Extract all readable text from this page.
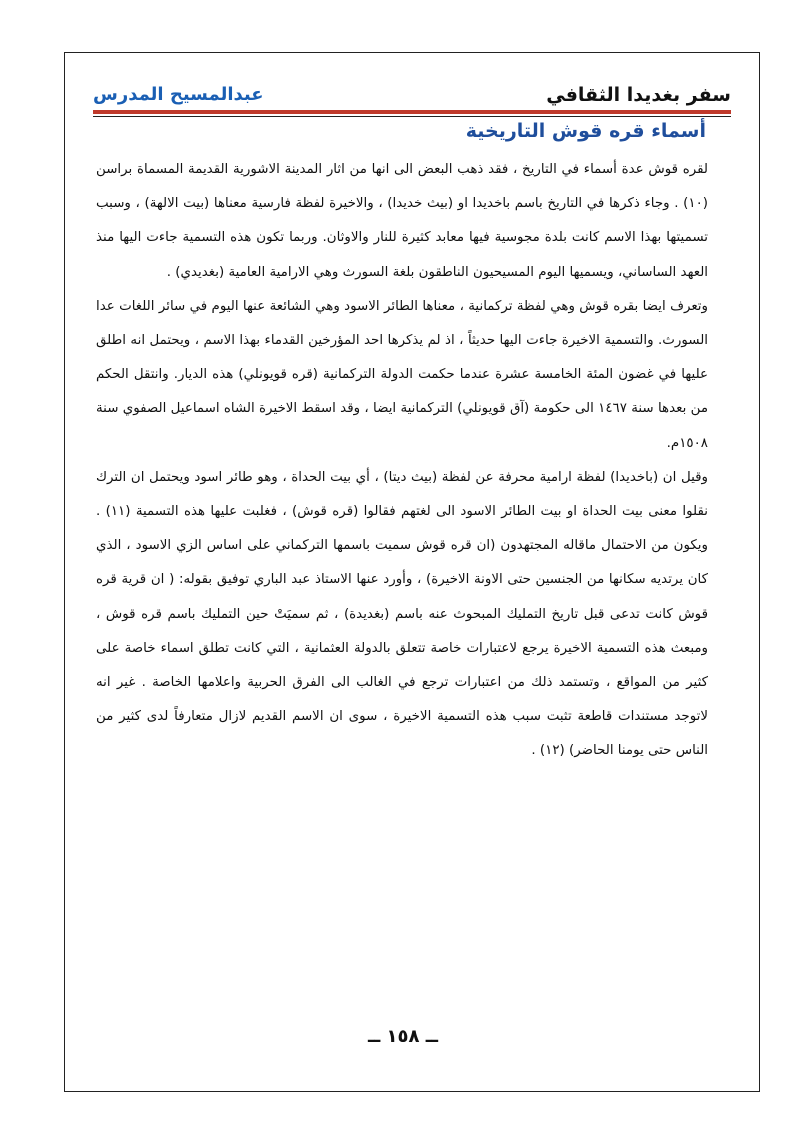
سفر بغديدا الثقافي
عبدالمسيح المدرس
أسماء قره قوش التاريخية

لقره قوش عدة أسماء في التاريخ ، فقد ذهب البعض الى انها من اثار المدينة الاشورية القديمة المسماة براسن (١٠) . وجاء ذكرها في التاريخ باسم باخديدا او (بيث خديدا) ، والاخيرة لفظة فارسية معناها (بيت الالهة) ، وسبب تسميتها بهذا الاسم كانت بلدة مجوسية فيها معابد كثيرة للنار والاوثان. وربما تكون هذه التسمية جاءت اليها منذ العهد الساساني، ويسميها اليوم المسيحيون الناطقون بلغة السورث وهي الارامية العامية (بغديدي) .

وتعرف ايضا بقره قوش وهي لفظة تركمانية ، معناها الطائر الاسود وهي الشائعة عنها اليوم في سائر اللغات عدا السورث. والتسمية الاخيرة جاءت اليها حديثاً ، اذ لم يذكرها احد المؤرخين القدماء بهذا الاسم ، ويحتمل انه اطلق عليها في غضون المئة الخامسة عشرة عندما حكمت الدولة التركمانية (قره قويونلي) هذه الديار. وانتقل الحكم من بعدها سنة ١٤٦٧ الى حكومة (آق قويونلي) التركمانية ايضا ، وقد اسقط الاخيرة الشاه اسماعيل الصفوي سنة ١٥٠٨م.

وقيل ان (باخديدا) لفظة ارامية محرفة عن لفظة (بيث ديتا) ، أي بيت الحداة ، وهو طائر اسود ويحتمل ان الترك نقلوا معنى بيت الحداة او بيت الطائر الاسود الى لغتهم فقالوا (قره قوش) ، فغلبت عليها هذه التسمية (١١) . ويكون من الاحتمال ماقاله المجتهدون (ان قره قوش سميت باسمها التركماني على اساس الزي الاسود ، الذي كان يرتديه سكانها من الجنسين حتى الاونة الاخيرة) ، وأورد عنها الاستاذ عبد الباري توفيق بقوله: ( ان قرية قره قوش كانت تدعى قبل تاريخ التمليك المبحوث عنه باسم (بغديدة) ، ثم سميَتْ حين التمليك باسم قره قوش ، ومبعث هذه التسمية الاخيرة يرجع لاعتبارات خاصة تتعلق بالدولة العثمانية ، التي كانت تطلق اسماء خاصة على كثير من المواقع ، وتستمد ذلك من اعتبارات ترجع في الغالب الى الفرق الحربية واعلامها الخاصة . غير انه لاتوجد مستندات قاطعة تثبت سبب هذه التسمية الاخيرة ، سوى ان الاسم القديم لازال متعارفاً لدى كثير من الناس حتى يومنا الحاضر) (١٢) .

ــ ١٥٨ ــ
